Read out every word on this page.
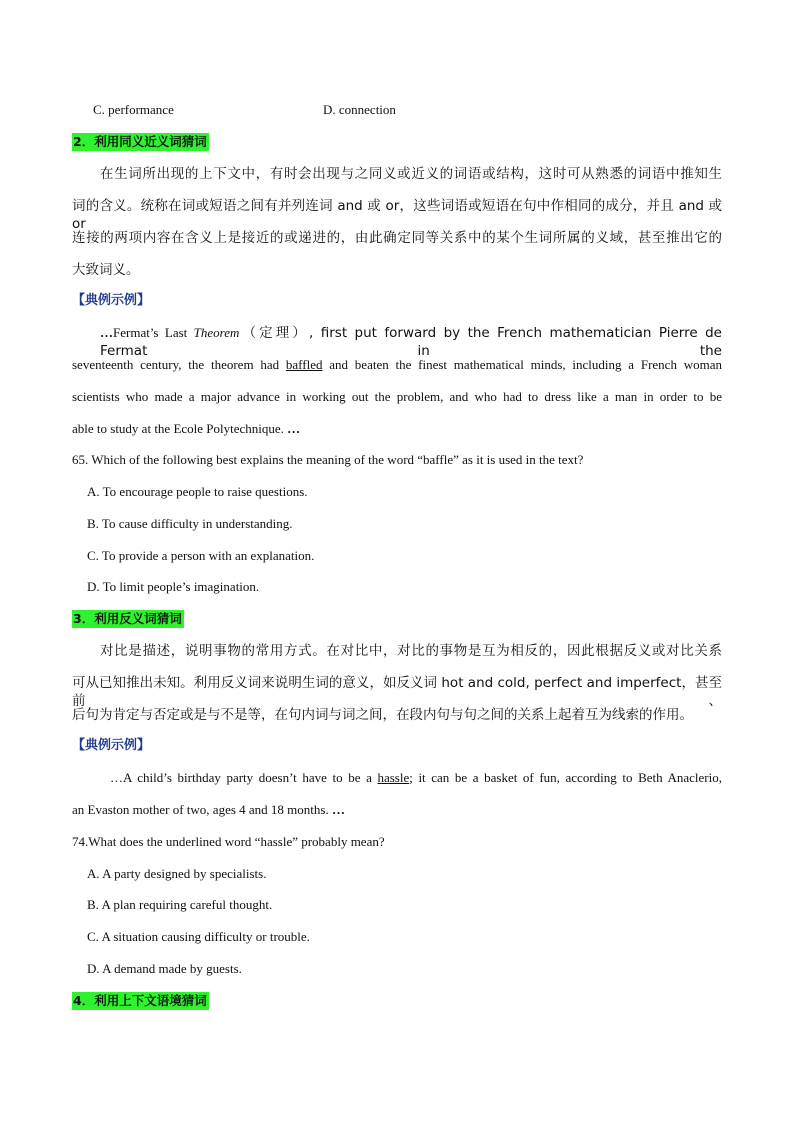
C. performance	D. connection
2．利用同义近义词猜词
在生词所出现的上下文中，有时会出现与之同义或近义的词语或结构，这时可从熟悉的词语中推知生
词的含义。统称在词或短语之间有并列连词 and 或 or，这些词语或短语在句中作相同的成分，并且 and 或 or
连接的两项内容在含义上是接近的或递进的，由此确定同等关系中的某个生词所属的义域，甚至推出它的
大致词义。
【典例示例】
…Fermat’s Last Theorem（定理）, first put forward by the French mathematician Pierre de Fermat in the
seventeenth century, the theorem had baffled and beaten the finest mathematical minds, including a French woman
scientists who made a major advance in working out the problem, and who had to dress like a man in order to be
able to study at the Ecole Polytechnique. …
65. Which of the following best explains the meaning of the word “baffle” as it is used in the text?
A. To encourage people to raise questions.
B. To cause difficulty in understanding.
C. To provide a person with an explanation.
D. To limit people’s imagination.
3．利用反义词猜词
对比是描述，说明事物的常用方式。在对比中，对比的事物是互为相反的，因此根据反义或对比关系
可从已知推出未知。利用反义词来说明生词的意义，如反义词 hot and cold, perfect and imperfect，甚至前、
后句为肯定与否定或是与不是等，在句内词与词之间，在段内句与句之间的关系上起着互为线索的作用。
【典例示例】
…A child’s birthday party doesn’t have to be a hassle; it can be a basket of fun, according to Beth Anaclerio,
an Evaston mother of two, ages 4 and 18 months. …
74.What does the underlined word “hassle” probably mean?
A. A party designed by specialists.
B. A plan requiring careful thought.
C. A situation causing difficulty or trouble.
D. A demand made by guests.
4．利用上下文语境猜词
